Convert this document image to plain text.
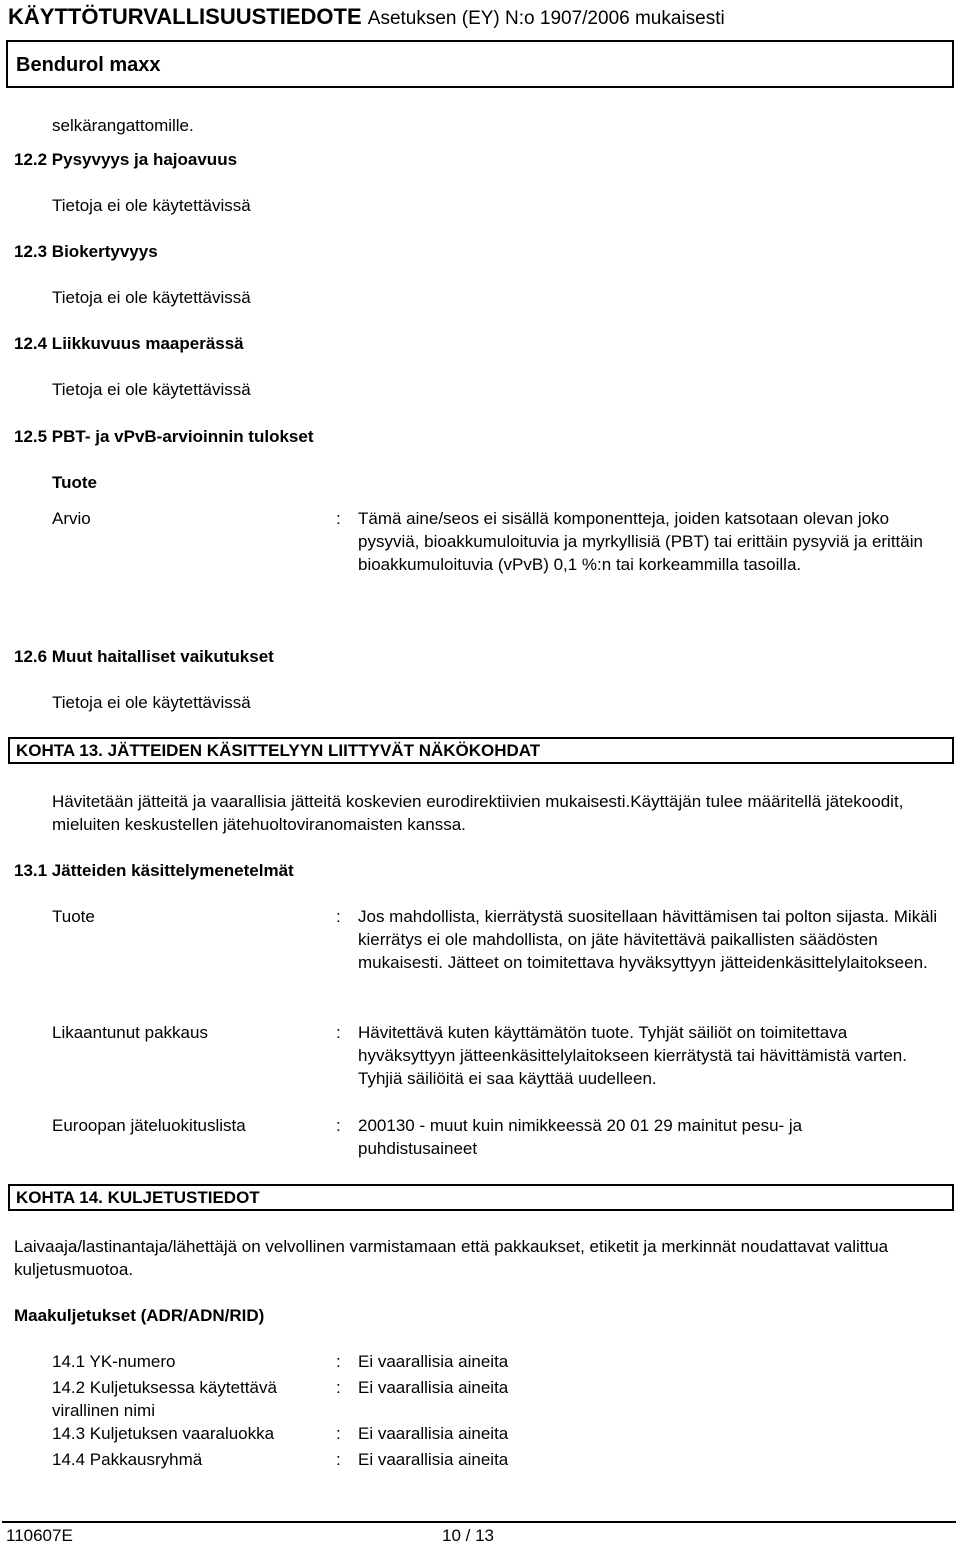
KÄYTTÖTURVALLISUUSTIEDOTE Asetuksen (EY) N:o 1907/2006 mukaisesti
Bendurol maxx
selkärangattomille.
12.2 Pysyvyys ja hajoavuus
Tietoja ei ole käytettävissä
12.3 Biokertyvyys
Tietoja ei ole käytettävissä
12.4 Liikkuvuus maaperässä
Tietoja ei ole käytettävissä
12.5 PBT- ja vPvB-arvioinnin tulokset
Tuote
Arvio	: Tämä aine/seos ei sisällä komponentteja, joiden katsotaan olevan joko pysyviä, bioakkumuloituvia ja myrkyllisiä (PBT) tai erittäin pysyviä ja erittäin bioakkumuloituvia (vPvB) 0,1 %:n tai korkeammilla tasoilla.
12.6 Muut haitalliset vaikutukset
Tietoja ei ole käytettävissä
KOHTA 13. JÄTTEIDEN KÄSITTELYYN LIITTYVÄT NÄKÖKOHDAT
Hävitetään jätteitä ja vaarallisia jätteitä koskevien eurodirektiivien mukaisesti.Käyttäjän tulee määritellä jätekoodit, mieluiten keskustellen jätehuoltoviranomaisten kanssa.
13.1 Jätteiden käsittelymenetelmät
Tuote	: Jos mahdollista, kierrätystä suositellaan hävittämisen tai polton sijasta. Mikäli kierrätys ei ole mahdollista, on jäte hävitettävä paikallisten säädösten mukaisesti. Jätteet on toimitettava hyväksyttyyn jätteidenkäsittelylaitokseen.
Likaantunut pakkaus	: Hävitettävä kuten käyttämätön tuote. Tyhjät säiliöt on toimitettava hyväksyttyyn jätteenkäsittelylaitokseen kierrätystä tai hävittämistä varten. Tyhjiä säiliöitä ei saa käyttää uudelleen.
Euroopan jäteluokituslista	: 200130 - muut kuin nimikkeessä 20 01 29 mainitut pesu- ja puhdistusaineet
KOHTA 14. KULJETUSTIEDOT
Laivaaja/lastinantaja/lähettäjä on velvollinen varmistamaan että pakkaukset, etiketit ja merkinnät noudattavat valittua kuljetusmuotoa.
Maakuljetukset (ADR/ADN/RID)
14.1 YK-numero	: Ei vaarallisia aineita
14.2 Kuljetuksessa käytettävä virallinen nimi
: Ei vaarallisia aineita
14.3 Kuljetuksen vaaraluokka	: Ei vaarallisia aineita
14.4 Pakkausryhmä	: Ei vaarallisia aineita
110607E	10 / 13
